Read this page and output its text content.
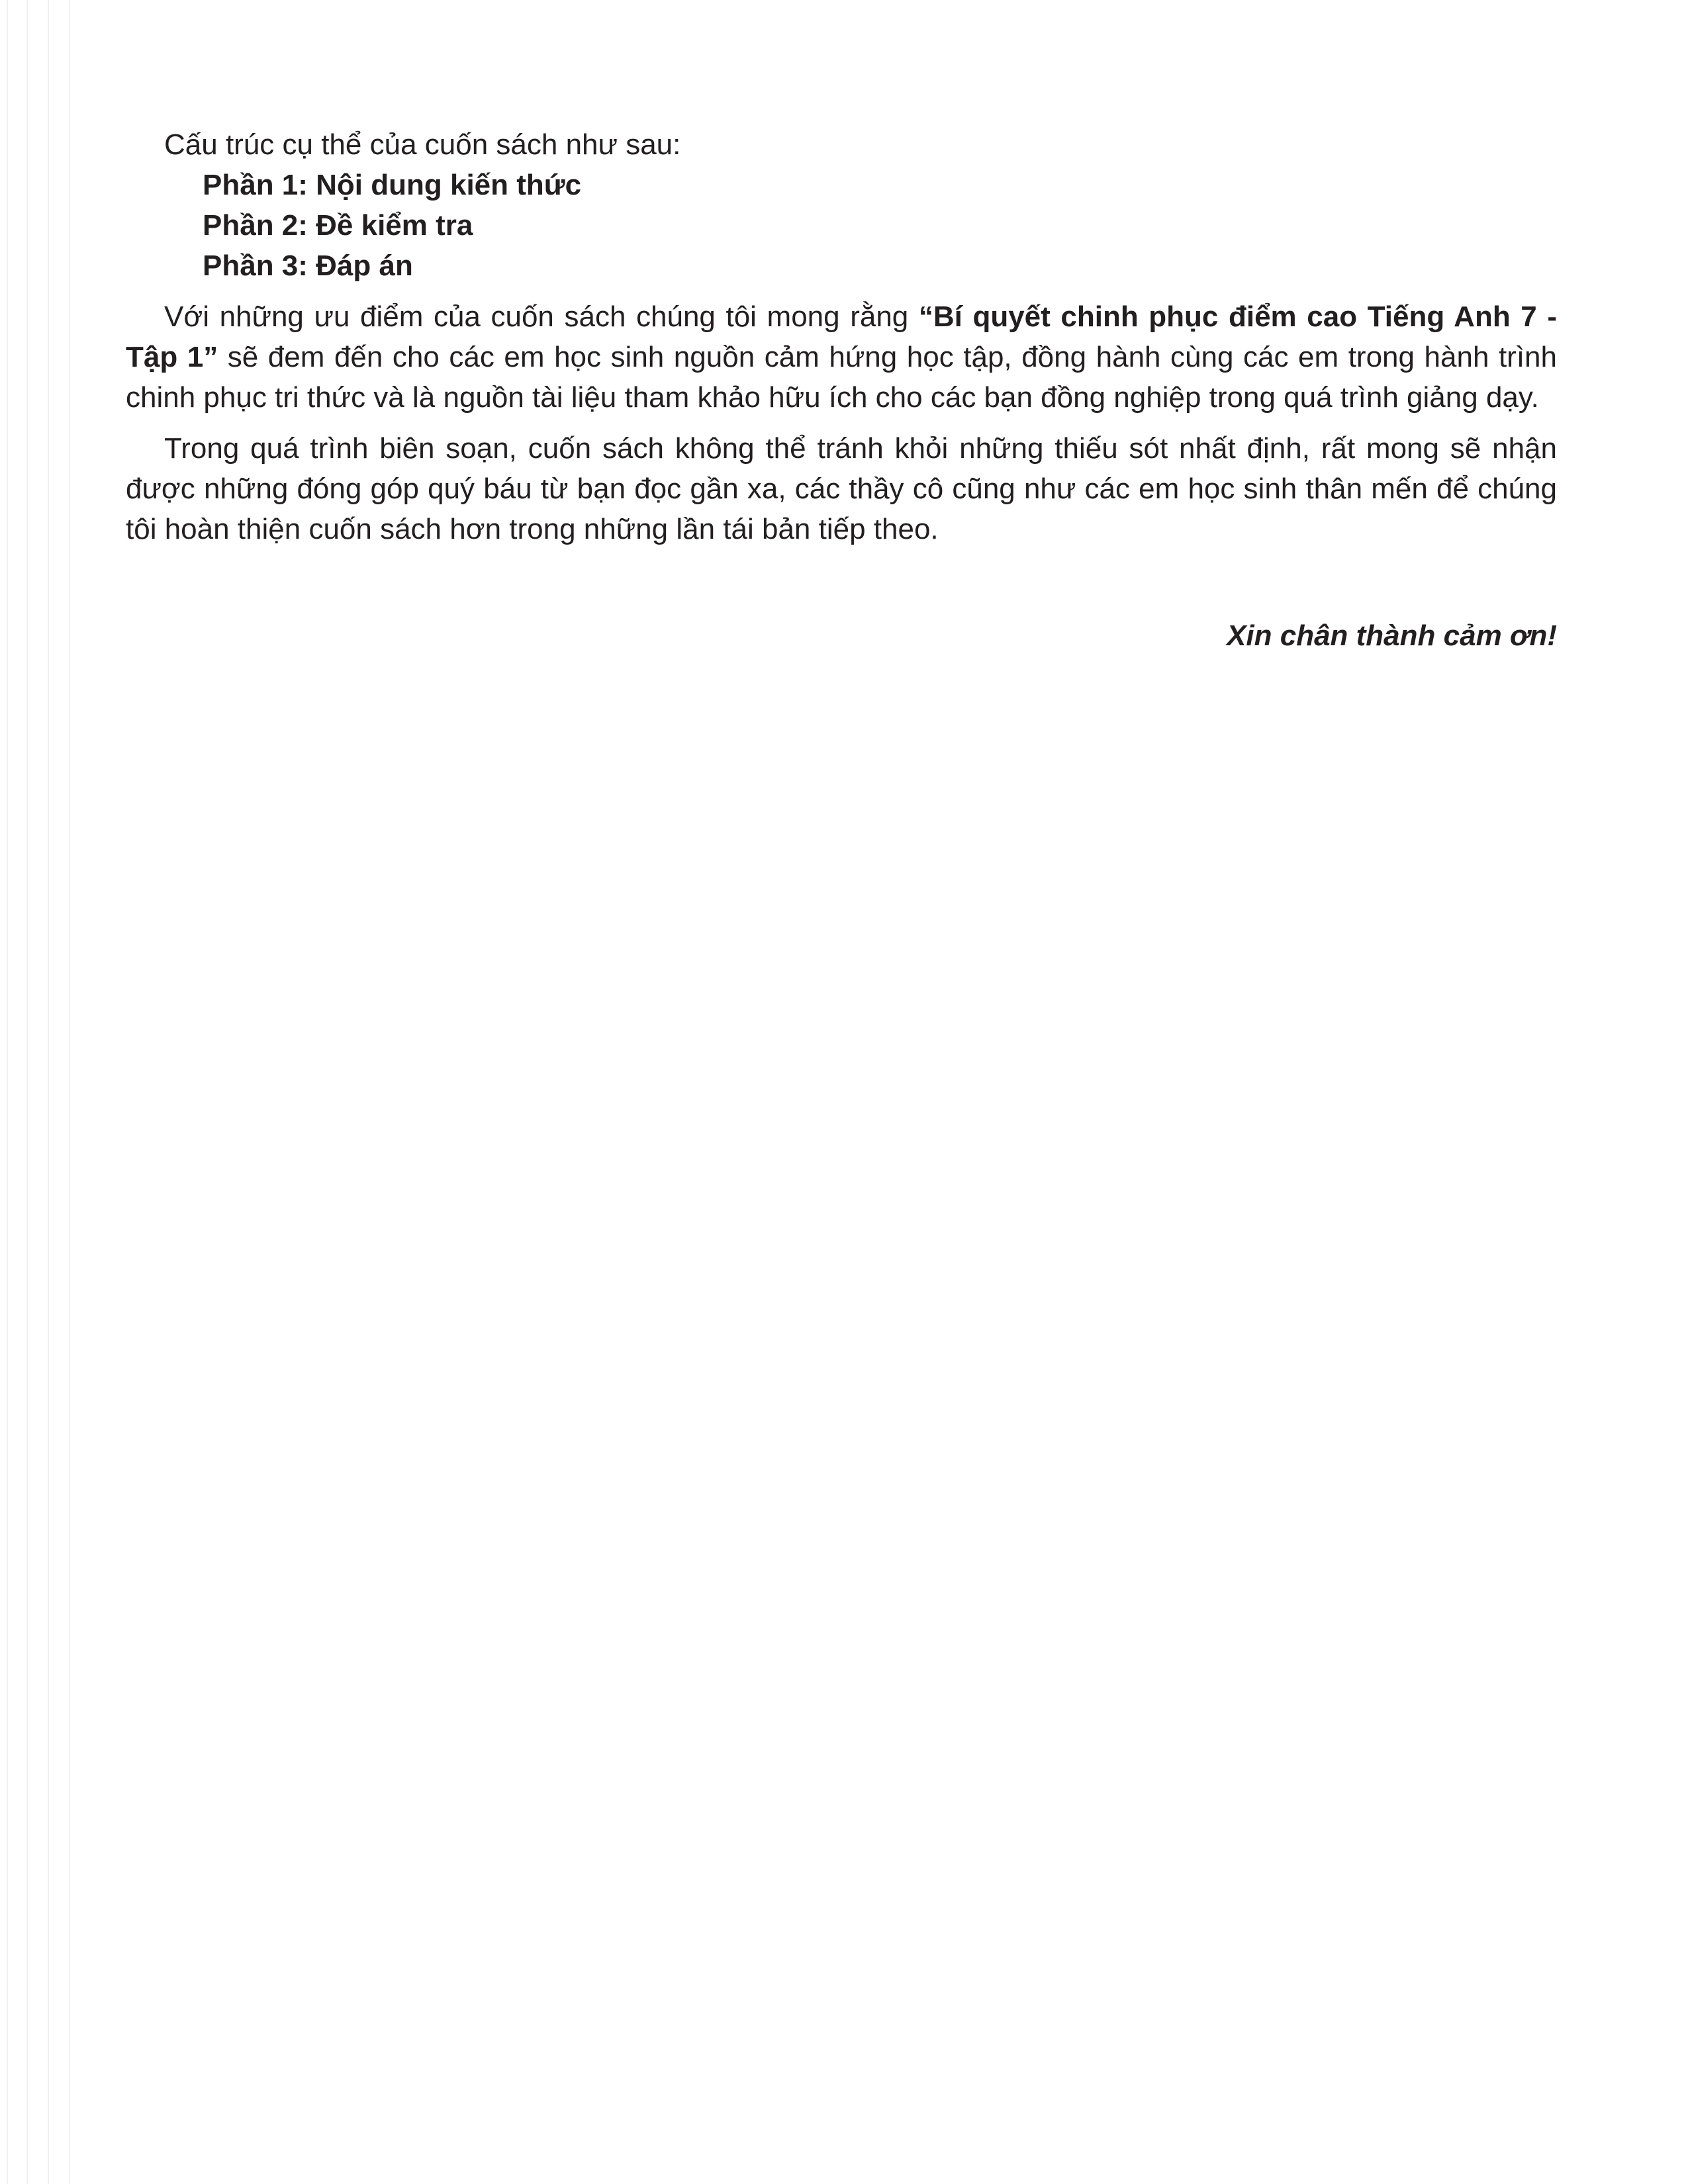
Cấu trúc cụ thể của cuốn sách như sau:

Phần 1: Nội dung kiến thức
Phần 2: Đề kiểm tra
Phần 3: Đáp án

Với những ưu điểm của cuốn sách chúng tôi mong rằng “Bí quyết chinh phục điểm cao Tiếng Anh 7 - Tập 1” sẽ đem đến cho các em học sinh nguồn cảm hứng học tập, đồng hành cùng các em trong hành trình chinh phục tri thức và là nguồn tài liệu tham khảo hữu ích cho các bạn đồng nghiệp trong quá trình giảng dạy.

Trong quá trình biên soạn, cuốn sách không thể tránh khỏi những thiếu sót nhất định, rất mong sẽ nhận được những đóng góp quý báu từ bạn đọc gần xa, các thầy cô cũng như các em học sinh thân mến để chúng tôi hoàn thiện cuốn sách hơn trong những lần tái bản tiếp theo.

Xin chân thành cảm ơn!
